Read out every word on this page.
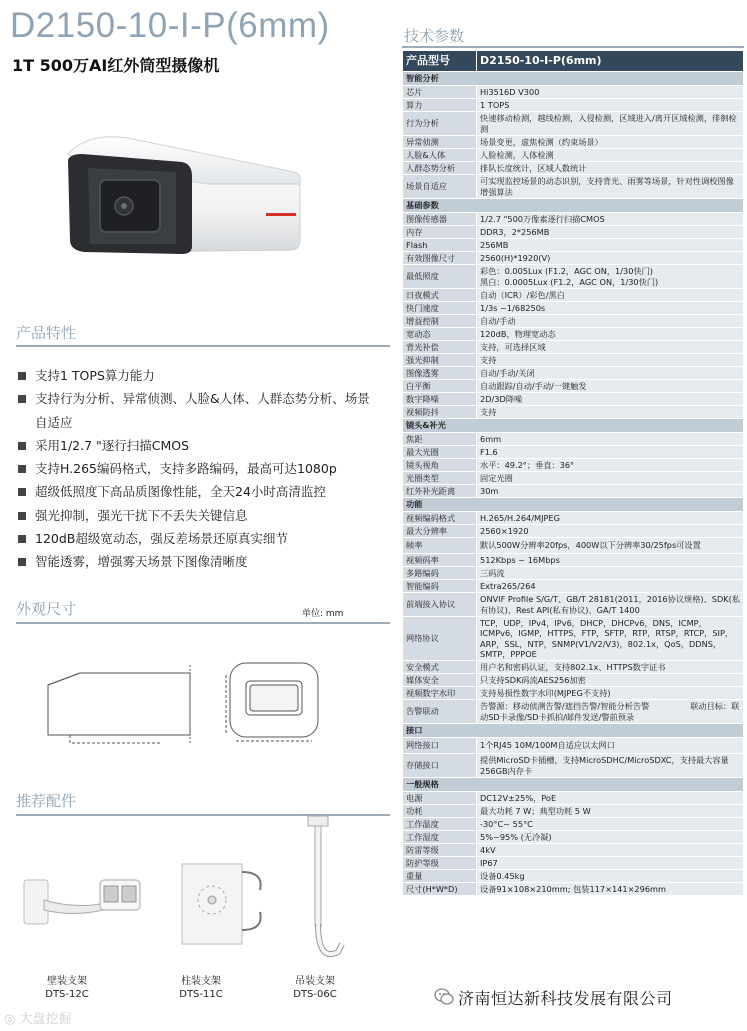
D2150-10-I-P(6mm)
1T 500万AI红外筒型摄像机
产品特性
支持1 TOPS算力能力
支持行为分析、异常侦测、人脸&人体、人群态势分析、场景自适应
采用1/2.7 "逐行扫描CMOS
支持H.265编码格式，支持多路编码，最高可达1080p
超级低照度下高品质图像性能，全天24小时高清监控
强光抑制，强光干扰下不丢失关键信息
120dB超级宽动态，强反差场景还原真实细节
智能透雾，增强雾天场景下图像清晰度
外观尺寸	单位: mm
推荐配件
壁装支架
DTS-12C
柱装支架
DTS-11C
吊装支架
DTS-06C
◎ 大盘挖掘
技术参数
产品型号	D2150-10-I-P(6mm)
智能分析	
芯片	Hi3516D V300
算力	1 TOPS
行为分析	快速移动检测，越线检测，入侵检测，区域进入/离开区域检测，徘徊检测
异常侦测	场景变更，虚焦检测（约束场景）
人脸&人体	人脸检测，人体检测
人群态势分析	排队长度统计，区域人数统计
场景自适应	可实现监控场景的动态识别，支持背光、雨雾等场景，针对性调校图像增强算法
基础参数	
图像传感器	1/2.7 "500万像素逐行扫描CMOS
内存	DDR3，2*256MB
Flash	256MB
有效图像尺寸	2560(H)*1920(V)
最低照度	彩色：0.005Lux (F1.2，AGC ON，1/30快门)
黑白：0.0005Lux (F1.2，AGC ON，1/30快门)
日夜模式	自动（ICR）/彩色/黑白
快门速度	1/3s ~1/68250s
增益控制	自动/手动
宽动态	120dB，物理宽动态
背光补偿	支持，可选择区域
强光抑制	支持
图像透雾	自动/手动/关闭
白平衡	自动跟踪/自动/手动/一键触发
数字降噪	2D/3D降噪
视频防抖	支持
镜头&补光	
焦距	6mm
最大光圈	F1.6
镜头视角	水平：49.2°；垂直：36°
光圈类型	固定光圈
红外补光距离	30m
功能	
视频编码格式	H.265/H.264/MJPEG
最大分辨率	2560×1920
帧率	默认500W分辨率20fps，400W以下分辨率30/25fps可设置
视频码率	512Kbps ~ 16Mbps
多路编码	三码流
智能编码	Extra265/264
前端接入协议	ONVIF Profile S/G/T、GB/T 28181(2011，2016协议规格)、SDK(私有协议)、Rest API(私有协议)、GA/T 1400
网络协议	TCP，UDP，IPv4，IPv6，DHCP，DHCPv6，DNS，ICMP，ICMPv6，IGMP，HTTPS，FTP，SFTP，RTP，RTSP，RTCP，SIP，ARP，SSL，NTP，SNMP(V1/V2/V3)，802.1x，QoS，DDNS，SMTP，PPPOE
安全模式	用户名和密码认证，支持802.1x、HTTPS数字证书
媒体安全	只支持SDK码流AES256加密
视频数字水印	支持易损性数字水印(MJPEG不支持)
告警联动	告警源：移动侦测告警/遮挡告警/智能分析告警　　　　　联动目标：联动SD卡录像/SD卡抓拍/邮件发送/警前预录
接口	
网络接口	1个RJ45 10M/100M自适应以太网口
存储接口	提供MicroSD卡插槽，支持MicroSDHC/MicroSDXC，支持最大容量256GB内存卡
一般规格	
电源	DC12V±25%，PoE
功耗	最大功耗 7 W；典型功耗 5 W
工作温度	-30°C~ 55°C
工作湿度	5%~95% (无冷凝)
防雷等级	4kV
防护等级	IP67
重量	设备0.45kg
尺寸(H*W*D)	设备91×108×210mm; 包装117×141×296mm
济南恒达新科技发展有限公司
